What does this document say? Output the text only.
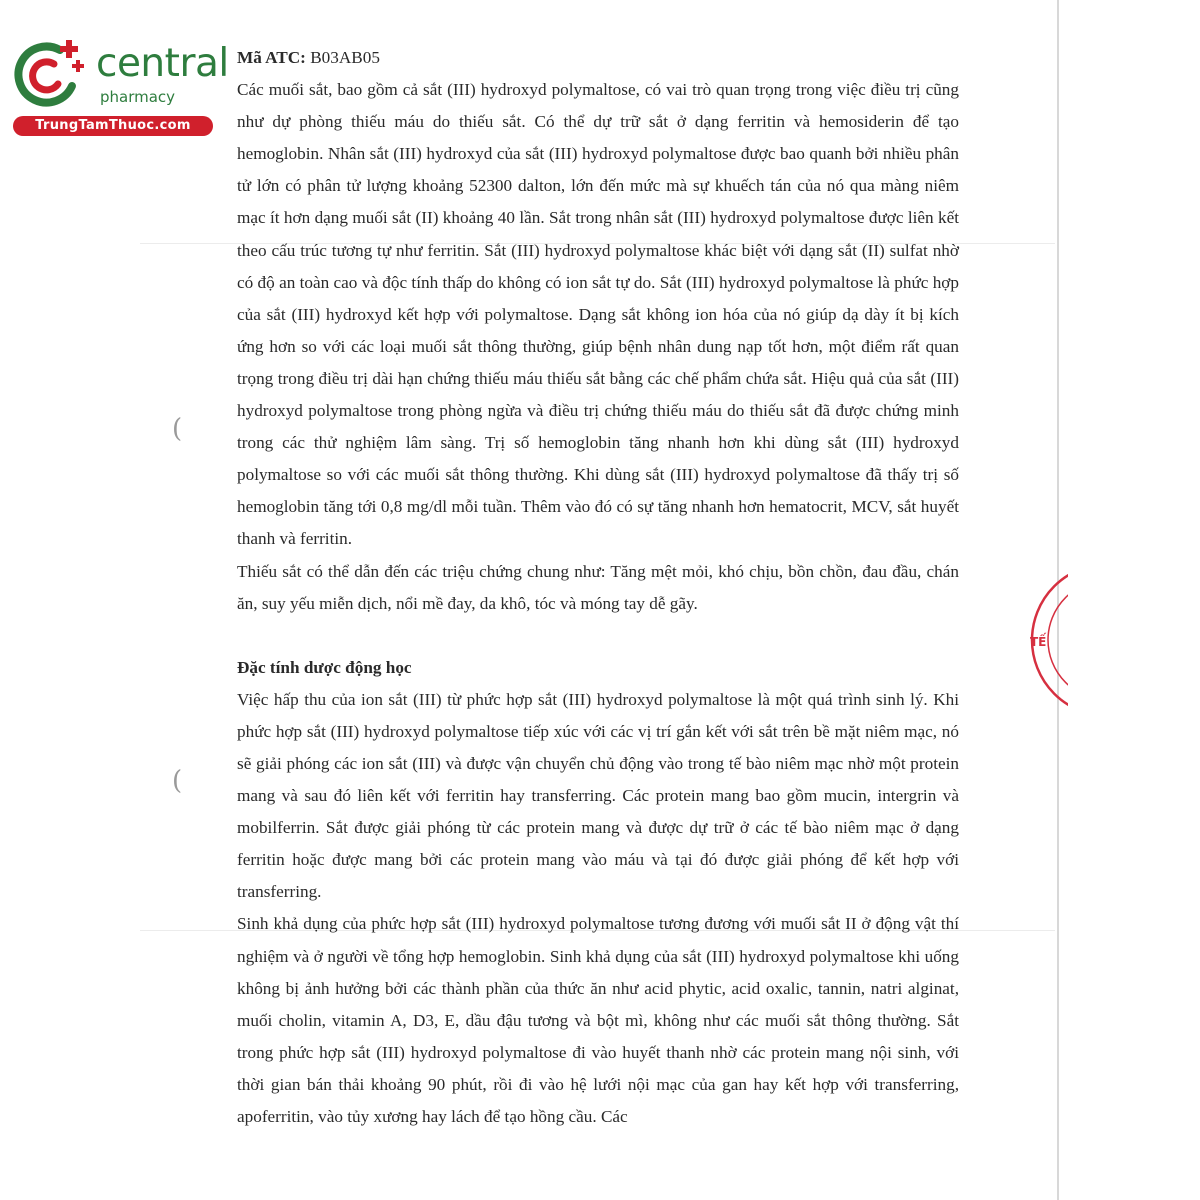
central
pharmacy
TrungTamThuoc.com
(
(
TẾ
Mã ATC: B03AB05

Các muối sắt, bao gồm cả sắt (III) hydroxyd polymaltose, có vai trò quan trọng trong việc điều trị cũng như dự phòng thiếu máu do thiếu sắt. Có thể dự trữ sắt ở dạng ferritin và hemosiderin để tạo hemoglobin. Nhân sắt (III) hydroxyd của sắt (III) hydroxyd polymaltose được bao quanh bởi nhiều phân tử lớn có phân tử lượng khoảng 52300 dalton, lớn đến mức mà sự khuếch tán của nó qua màng niêm mạc ít hơn dạng muối sắt (II) khoảng 40 lần. Sắt trong nhân sắt (III) hydroxyd polymaltose được liên kết theo cấu trúc tương tự như ferritin. Sắt (III) hydroxyd polymaltose khác biệt với dạng sắt (II) sulfat nhờ có độ an toàn cao và độc tính thấp do không có ion sắt tự do. Sắt (III) hydroxyd polymaltose là phức hợp của sắt (III) hydroxyd kết hợp với polymaltose. Dạng sắt không ion hóa của nó giúp dạ dày ít bị kích ứng hơn so với các loại muối sắt thông thường, giúp bệnh nhân dung nạp tốt hơn, một điểm rất quan trọng trong điều trị dài hạn chứng thiếu máu thiếu sắt bằng các chế phẩm chứa sắt. Hiệu quả của sắt (III) hydroxyd polymaltose trong phòng ngừa và điều trị chứng thiếu máu do thiếu sắt đã được chứng minh trong các thử nghiệm lâm sàng. Trị số hemoglobin tăng nhanh hơn khi dùng sắt (III) hydroxyd polymaltose so với các muối sắt thông thường. Khi dùng sắt (III) hydroxyd polymaltose đã thấy trị số hemoglobin tăng tới 0,8 mg/dl mỗi tuần. Thêm vào đó có sự tăng nhanh hơn hematocrit, MCV, sắt huyết thanh và ferritin.

Thiếu sắt có thể dẫn đến các triệu chứng chung như: Tăng mệt mỏi, khó chịu, bồn chồn, đau đầu, chán ăn, suy yếu miễn dịch, nổi mề đay, da khô, tóc và móng tay dễ gãy.

Đặc tính dược động học

Việc hấp thu của ion sắt (III) từ phức hợp sắt (III) hydroxyd polymaltose là một quá trình sinh lý. Khi phức hợp sắt (III) hydroxyd polymaltose tiếp xúc với các vị trí gắn kết với sắt trên bề mặt niêm mạc, nó sẽ giải phóng các ion sắt (III) và được vận chuyển chủ động vào trong tế bào niêm mạc nhờ một protein mang và sau đó liên kết với ferritin hay transferring. Các protein mang bao gồm mucin, intergrin và mobilferrin. Sắt được giải phóng từ các protein mang và được dự trữ ở các tế bào niêm mạc ở dạng ferritin hoặc được mang bởi các protein mang vào máu và tại đó được giải phóng để kết hợp với transferring.

Sinh khả dụng của phức hợp sắt (III) hydroxyd polymaltose tương đương với muối sắt II ở động vật thí nghiệm và ở người về tổng hợp hemoglobin. Sinh khả dụng của sắt (III) hydroxyd polymaltose khi uống không bị ảnh hưởng bởi các thành phần của thức ăn như acid phytic, acid oxalic, tannin, natri alginat, muối cholin, vitamin A, D3, E, dầu đậu tương và bột mì, không như các muối sắt thông thường. Sắt trong phức hợp sắt (III) hydroxyd polymaltose đi vào huyết thanh nhờ các protein mang nội sinh, với thời gian bán thải khoảng 90 phút, rồi đi vào hệ lưới nội mạc của gan hay kết hợp với transferring, apoferritin, vào tủy xương hay lách để tạo hồng cầu. Các
